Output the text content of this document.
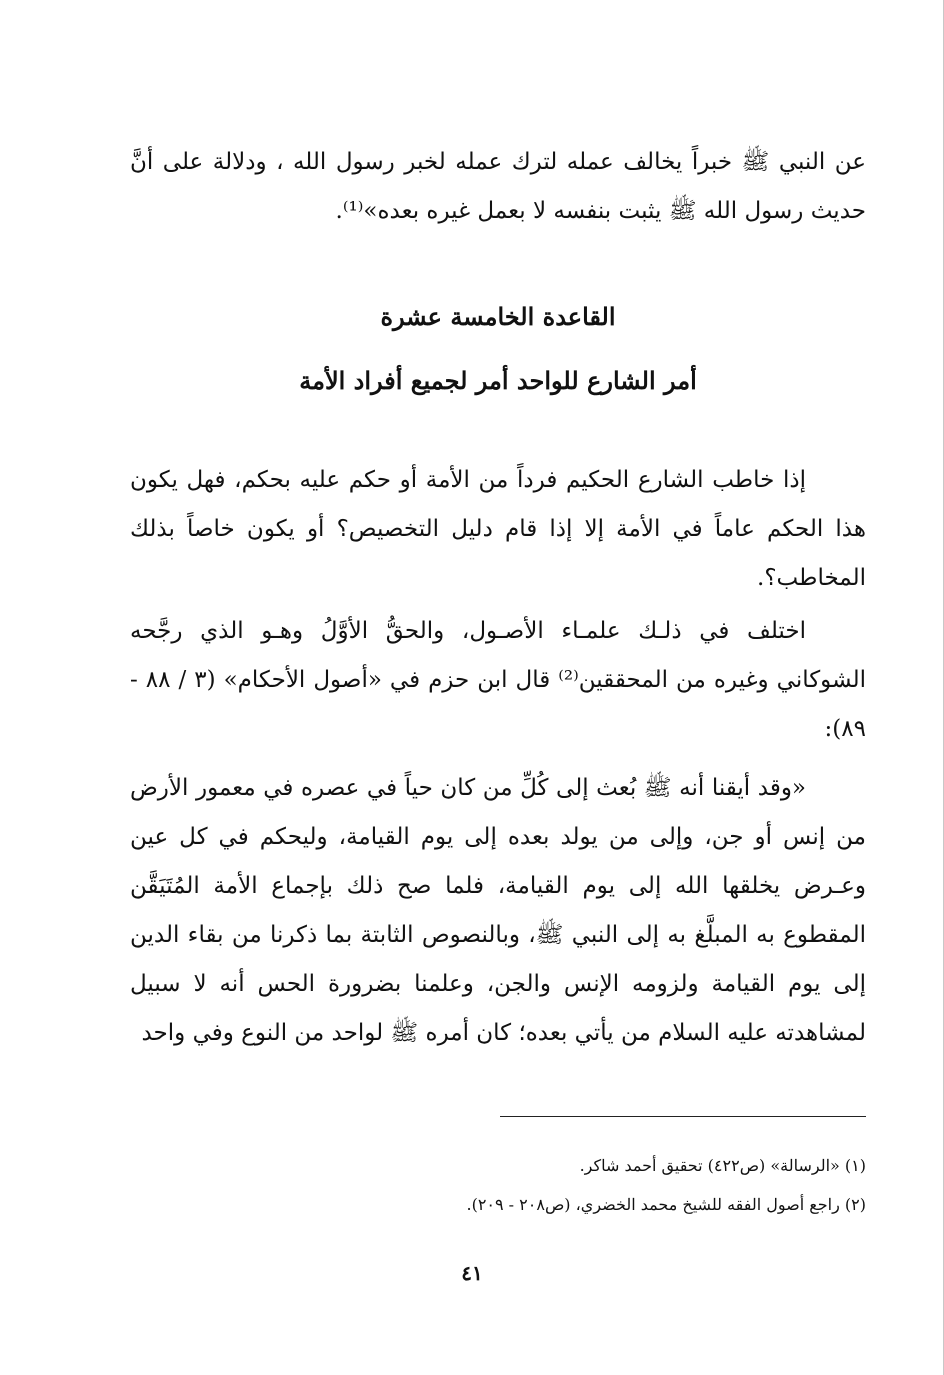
عن النبي ﷺ خبراً يخالف عمله لترك عمله لخبر رسول الله ، ودلالة على أنَّ حديث رسول الله ﷺ يثبت بنفسه لا بعمل غيره بعده»⁽¹⁾.

القاعدة الخامسة عشرة
أمر الشارع للواحد أمر لجميع أفراد الأمة

إذا خاطب الشارع الحكيم فرداً من الأمة أو حكم عليه بحكم، فهل يكون هذا الحكم عاماً في الأمة إلا إذا قام دليل التخصيص؟ أو يكون خاصاً بذلك المخاطب؟.

اختلف في ذلـك علمـاء الأصـول، والحقُّ الأوَّلُ وهـو الذي رجَّحه الشوكاني وغيره من المحققين⁽²⁾ قال ابن حزم في «أصول الأحكام» (٣ / ٨٨ - ٨٩):

«وقد أيقنا أنه ﷺ بُعث إلى كُلِّ من كان حياً في عصره في معمور الأرض من إنس أو جن، وإلى من يولد بعده إلى يوم القيامة، وليحكم في كل عين وعـرض يخلقها الله إلى يوم القيامة، فلما صح ذلك بإجماع الأمة المُتَيَقَّن المقطوع به المبلَّغ به إلى النبي ﷺ، وبالنصوص الثابتة بما ذكرنا من بقاء الدين إلى يوم القيامة ولزومه الإنس والجن، وعلمنا بضرورة الحس أنه لا سبيل لمشاهدته عليه السلام من يأتي بعده؛ كان أمره ﷺ لواحد من النوع وفي واحد

(١) «الرسالة» (ص٤٢٢) تحقيق أحمد شاكر.

(٢) راجع أصول الفقه للشيخ محمد الخضري، (ص٢٠٨ - ٢٠٩).

٤١
